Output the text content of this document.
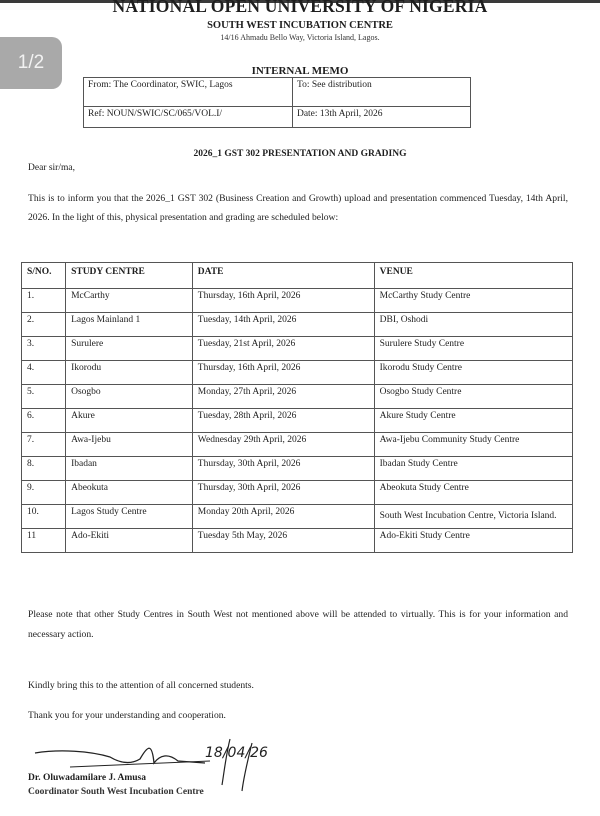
NATIONAL OPEN UNIVERSITY OF NIGERIA
SOUTH WEST INCUBATION CENTRE
14/16 Ahmadu Bello Way, Victoria Island, Lagos.
1/2	INTERNAL MEMO
From: The Coordinator, SWIC, Lagos	To: See distribution
Ref: NOUN/SWIC/SC/065/VOL.I/	Date: 13th April, 2026
2026_1 GST 302 PRESENTATION AND GRADING
Dear sir/ma,
This is to inform you that the 2026_1 GST 302 (Business Creation and Growth) upload and presentation commenced Tuesday, 14th April, 2026. In the light of this, physical presentation and grading are scheduled below:
S/NO.	STUDY CENTRE	DATE	VENUE
1.	McCarthy	Thursday, 16th April, 2026	McCarthy Study Centre
2.	Lagos Mainland 1	Tuesday, 14th April, 2026	DBI, Oshodi
3.	Surulere	Tuesday, 21st April, 2026	Surulere Study Centre
4.	Ikorodu	Thursday, 16th April, 2026	Ikorodu Study Centre
5.	Osogbo	Monday, 27th April, 2026	Osogbo Study Centre
6.	Akure	Tuesday, 28th April, 2026	Akure Study Centre
7.	Awa-Ijebu	Wednesday 29th April, 2026	Awa-Ijebu Community Study Centre
8.	Ibadan	Thursday, 30th April, 2026	Ibadan Study Centre
9.	Abeokuta	Thursday, 30th April, 2026	Abeokuta Study Centre
10.	Lagos Study Centre	Monday 20th April, 2026	South West Incubation Centre, Victoria Island.
11	Ado-Ekiti	Tuesday 5th May, 2026	Ado-Ekiti Study Centre
Please note that other Study Centres in South West not mentioned above will be attended to virtually. This is for your information and necessary action.
Kindly bring this to the attention of all concerned students.
Thank you for your understanding and cooperation.
18/04/26
Dr. Oluwadamilare J. Amusa
Coordinator South West Incubation Centre
